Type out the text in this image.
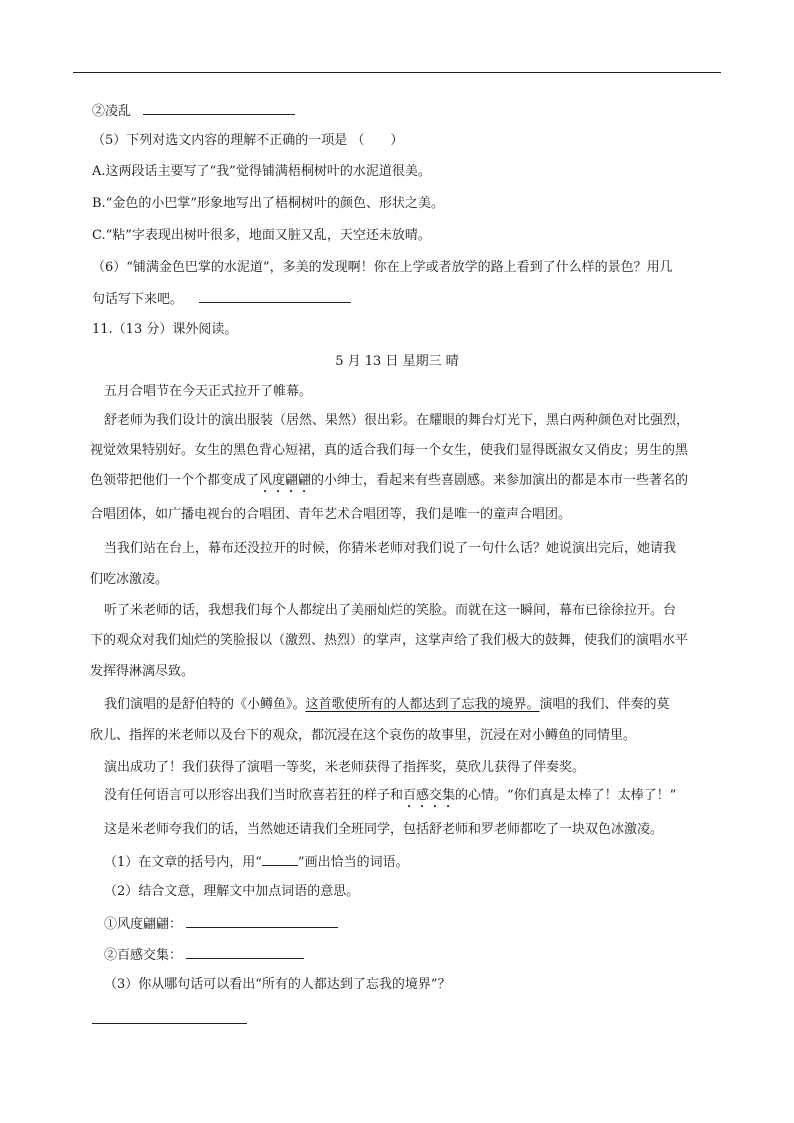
②凌乱
（5）下列对选文内容的理解不正确的一项是 （　　）
A.这两段话主要写了“我”觉得铺满梧桐树叶的水泥道很美。
B.“金色的小巴掌”形象地写出了梧桐树叶的颜色、形状之美。
C.“粘”字表现出树叶很多，地面又脏又乱，天空还未放晴。
（6）“铺满金色巴掌的水泥道”，多美的发现啊！你在上学或者放学的路上看到了什么样的景色？用几
句话写下来吧。
11.（13 分）课外阅读。
5 月 13 日 星期三 晴
五月合唱节在今天正式拉开了帷幕。
舒老师为我们设计的演出服装（居然、果然）很出彩。在耀眼的舞台灯光下，黑白两种颜色对比强烈，
视觉效果特别好。女生的黑色背心短裙，真的适合我们每一个女生，使我们显得既淑女又俏皮；男生的黑
色领带把他们一个个都变成了风度翩翩的小绅士，看起来有些喜剧感。来参加演出的都是本市一些著名的
合唱团体，如广播电视台的合唱团、青年艺术合唱团等，我们是唯一的童声合唱团。
当我们站在台上，幕布还没拉开的时候，你猜米老师对我们说了一句什么话？她说演出完后，她请我
们吃冰激凌。
听了米老师的话，我想我们每个人都绽出了美丽灿烂的笑脸。而就在这一瞬间，幕布已徐徐拉开。台
下的观众对我们灿烂的笑脸报以（激烈、热烈）的掌声，这掌声给了我们极大的鼓舞，使我们的演唱水平
发挥得淋漓尽致。
我们演唱的是舒伯特的《小鳟鱼》。这首歌使所有的人都达到了忘我的境界。演唱的我们、伴奏的莫
欣儿、指挥的米老师以及台下的观众，都沉浸在这个哀伤的故事里，沉浸在对小鳟鱼的同情里。
演出成功了！我们获得了演唱一等奖，米老师获得了指挥奖，莫欣儿获得了伴奏奖。
没有任何语言可以形容出我们当时欣喜若狂的样子和百感交集的心情。“你们真是太棒了！太棒了！”
这是米老师夸我们的话，当然她还请我们全班同学，包括舒老师和罗老师都吃了一块双色冰激凌。
（1）在文章的括号内，用“	”画出恰当的词语。
（2）结合文意，理解文中加点词语的意思。
①风度翩翩：
②百感交集：
（3）你从哪句话可以看出“所有的人都达到了忘我的境界”？
